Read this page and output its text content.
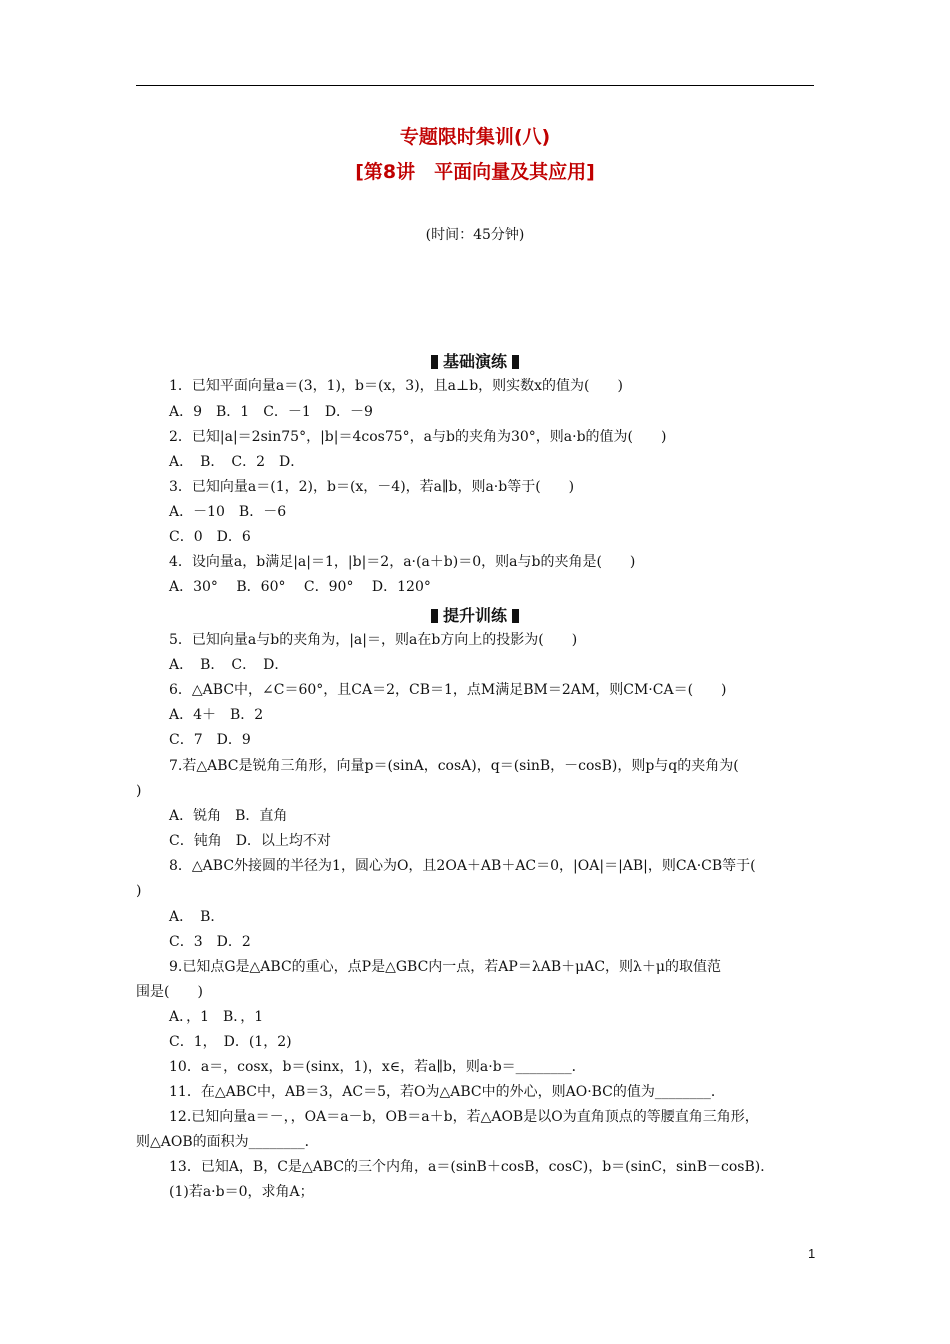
专题限时集训(八)
[第8讲　平面向量及其应用]
(时间：45分钟)
基础演练
提升训练
1．已知平面向量a＝(3，1)，b＝(x，3)，且a⊥b，则实数x的值为(　　)
A．9　B．1　C．－1　D．－9
2．已知|a|＝2sin75°，|b|＝4cos75°，a与b的夹角为30°，则a·b的值为(　　)
A．　B．　C．2　D．
3．已知向量a＝(1，2)，b＝(x，－4)，若a∥b，则a·b等于(　　)
A．－10　B．－6
C．0　D．6
4．设向量a，b满足|a|＝1，|b|＝2，a·(a＋b)＝0，则a与b的夹角是(　　)
A．30°　 B．60°　 C．90°　 D．120°
5．已知向量a与b的夹角为，|a|＝，则a在b方向上的投影为(　　)
A．　B．　C．　D．
6．△ABC中，∠C＝60°，且CA＝2，CB＝1，点M满足BM＝2AM，则CM·CA＝(　　)
A．4＋　B．2
C．7　D．9
7.若△ABC是锐角三角形，向量p＝(sinA，cosA)，q＝(sinB，－cosB)，则p与q的夹角为(
)
A．锐角　B．直角
C．钝角　D．以上均不对
8．△ABC外接圆的半径为1，圆心为O，且2OA＋AB＋AC＝0，|OA|＝|AB|，则CA·CB等于(
)
A．　B．
C．3　D．2
9.已知点G是△ABC的重心，点P是△GBC内一点，若AP＝λAB＋μAC，则λ＋μ的取值范
围是(　　)
A．，1　B．，1
C．1，　D．(1，2)
10．a＝，cosx，b＝(sinx，1)，x∈，若a∥b，则a·b＝________．
11．在△ABC中，AB＝3，AC＝5，若O为△ABC中的外心，则AO·BC的值为________．
12.已知向量a＝－，，OA＝a－b，OB＝a＋b，若△AOB是以O为直角顶点的等腰直角三角形，
则△AOB的面积为________．
13．已知A，B，C是△ABC的三个内角，a＝(sinB＋cosB，cosC)，b＝(sinC，sinB－cosB)．
(1)若a·b＝0，求角A；
1
